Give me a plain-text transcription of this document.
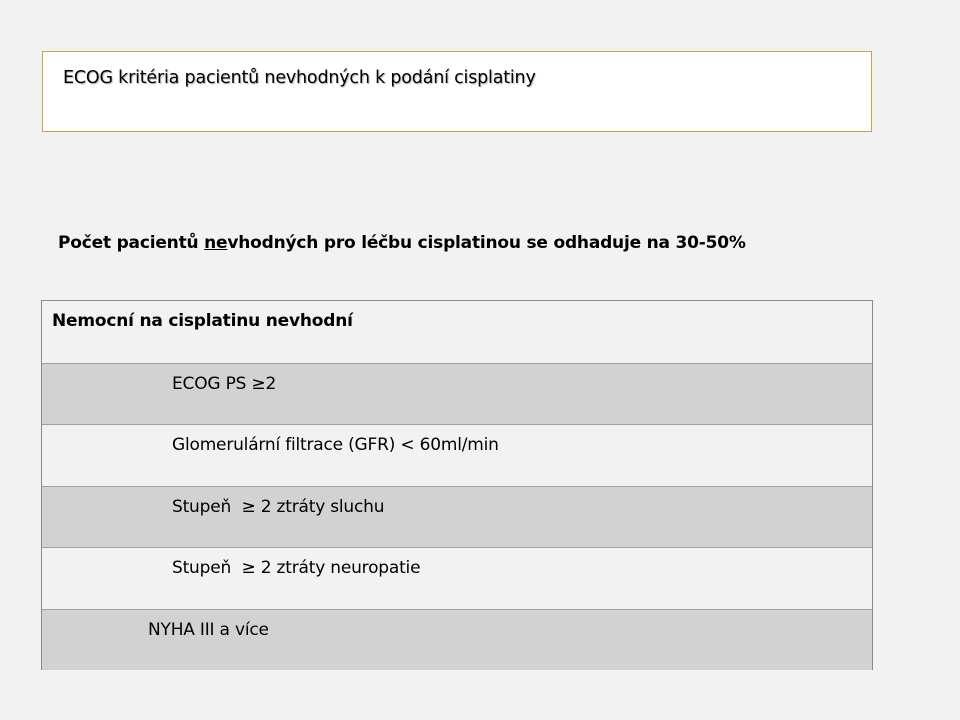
ECOG kritéria pacientů nevhodných k podání cisplatiny
Počet pacientů nevhodných pro léčbu cisplatinou se odhaduje na 30-50%
Nemocní na cisplatinu nevhodní
ECOG PS ≥2
Glomerulární filtrace (GFR) < 60ml/min
Stupeň  ≥ 2 ztráty sluchu
Stupeň  ≥ 2 ztráty neuropatie
NYHA III a více
